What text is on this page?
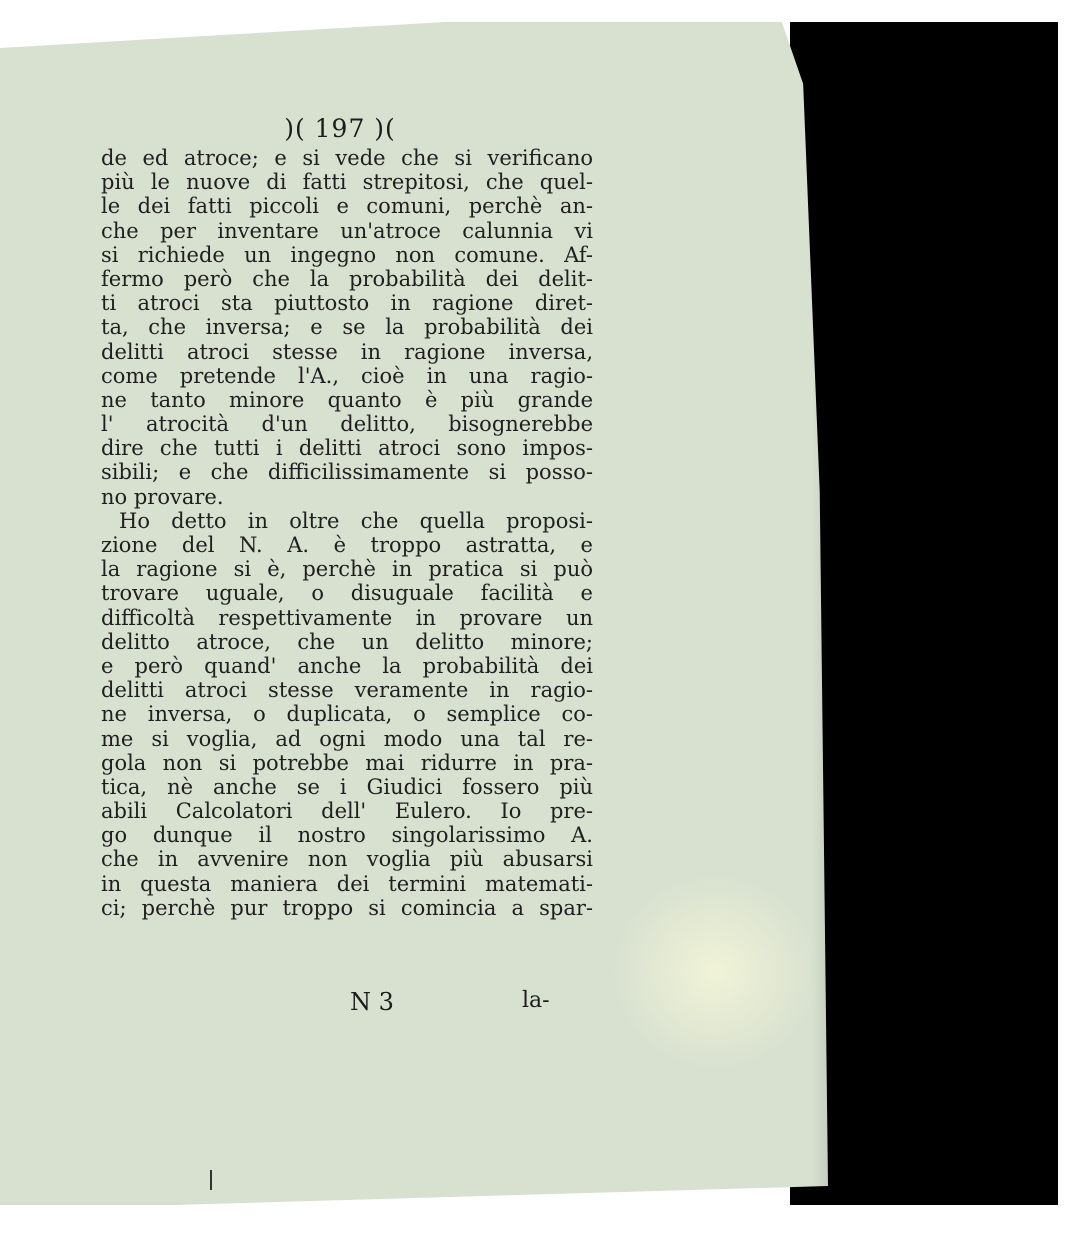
)( 197 )(
de ed atroce; e si vede che si verificano
più le nuove di fatti strepitosi, che quel-
le dei fatti piccoli e comuni, perchè an-
che per inventare un'atroce calunnia vi
si richiede un ingegno non comune. Af-
fermo però che la probabilità dei delit-
ti atroci sta piuttosto in ragione diret-
ta, che inversa; e se la probabilità dei
delitti atroci stesse in ragione inversa,
come pretende l'A., cioè in una ragio-
ne tanto minore quanto è più grande
l' atrocità d'un delitto, bisognerebbe
dire che tutti i delitti atroci sono impos-
sibili; e che difficilissimamente si posso-
no provare.
Ho detto in oltre che quella proposi-
zione del N. A. è troppo astratta, e
la ragione si è, perchè in pratica si può
trovare uguale, o disuguale facilità e
difficoltà respettivamente in provare un
delitto atroce, che un delitto minore;
e però quand' anche la probabilità dei
delitti atroci stesse veramente in ragio-
ne inversa, o duplicata, o semplice co-
me si voglia, ad ogni modo una tal re-
gola non si potrebbe mai ridurre in pra-
tica, nè anche se i Giudici fossero più
abili Calcolatori dell' Eulero. Io pre-
go dunque il nostro singolarissimo A.
che in avvenire non voglia più abusarsi
in questa maniera dei termini matemati-
ci; perchè pur troppo si comincia a spar-
N 3	la-
